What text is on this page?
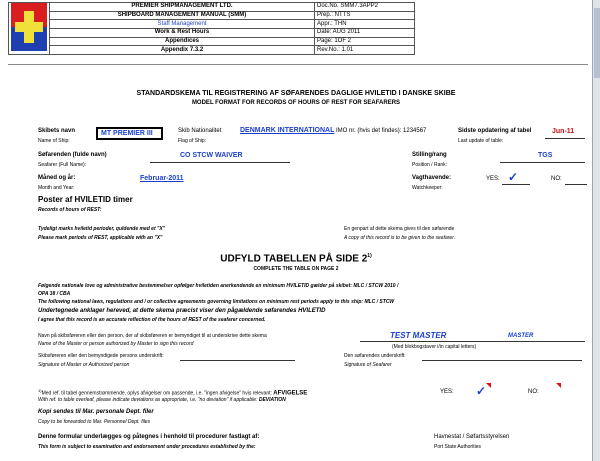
	PREMIER SHIPMANAGEMENT LTD.	Doc.No. SMM7.3APP2
	SHIPBOARD MANAGEMENT MANUAL (SMM)	Prep.: NTTS
	Staff Management	Appr.: THN
	Work & Rest Hours	Date: AUG 2011
	Appendices	Page: 1OF 2
	Appendix 7.3.2	Rev.No.: 1.01
STANDARDSKEMA TIL REGISTRERING AF SØFARENDES DAGLIGE HVILETID I DANSKE SKIBE
MODEL FORMAT FOR RECORDS OF HOURS OF REST FOR SEAFARERS
Skibets navn
Name of Ship:
MT PREMIER III	Skib Nationalitet
Flag of Ship:
DENMARK INTERNATIONAL IMO nr. (hvis det findes): 1234567	Sidste opdatering af tabel
Last update of table:
Jun-11
Søfarenden (fulde navn)
Seafarer (Full Name):
CO STCW WAIVER	Stilling/rang
Position / Rank:
TGS
Måned og år:
Month and Year:
Februar-2011	Vagthavende:
Watchkeeper:
YES: ✓	NO:
Poster af HVILETID timer
Records of hours of REST:
Tydeligt marks hviletid perioder, quldende med et "X"
Please mark periods of REST, applicable with an "X"
En genpart af dette skema gives til den søfarende
A copy of this record is to be given to the seafarer.
UDFYLD TABELLEN PÅ SIDE 2$^{1)}$
COMPLETE THE TABLE ON PAGE 2
Følgende nationale love og administrative bestemmelser opfølger hviletiden anerkendende en minimum HVILETID gælder på skibet: MLC / STCW 2010 /
OPA 38 / CBA
The following national laws, regulations and / or collective agreements governing limitations on minimum rest periods apply to this ship: MLC / STCW
Undertegnede anklager hereved, at dette skema præcist viser den pågældende søfarendes HVILETID
I agree that this record is an accurate reflection of the hours of REST of the seafarer concerned.
Navn på skibsføreren eller den person, der af skibsføreren er bemyndiget til at underskrive dette skema
Name of the Master or person authorized by Master to sign this record
TEST MASTER	MASTER
(Med blokbogstaver i/in capital letters)
Skibsføreren eller den bemyndigede persons underskrift:
Signature of Master or Authorized person
Den søfarendes underskrift:
Signature of Seafarer
$^{1)}$Med ref. til tabel gennemstrømmende, oplys afvigelser om passende, i.e. "ingen afvigelse" hvis relevant: AFVIGELSE
With ref. to table overleaf, please indicate deviations as appropriate, i.e. "no deviation" if applicable: DEVIATION
YES: ✓	NO:
Kopi sendes til Mar. personale Dept. filer
Copy to be forwarded to Mar. Personnel Dept. files
Denne formular underlægges og påtegnes i henhold til procedurer fastlagt af:
This form is subject to examination and endorsement under procedures established by the:
Havnestat / Søfartsstyrelsen
Port State Authorities
